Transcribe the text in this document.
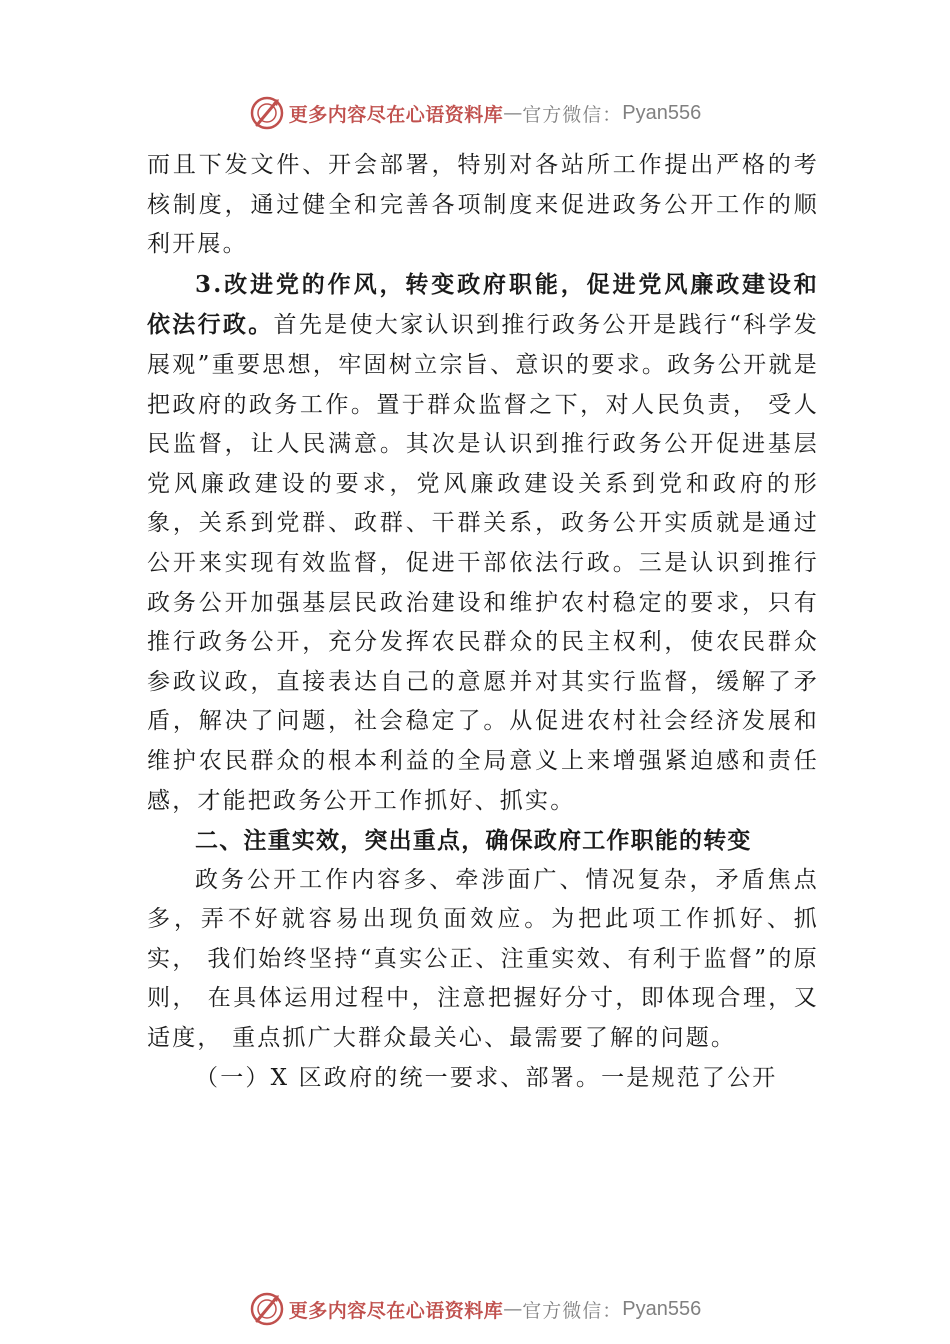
更多内容尽在心语资料库 — 官方微信： Pyan556

而且下发文件、开会部署，特别对各站所工作提出严格的考核制度，通过健全和完善各项制度来促进政务公开工作的顺利开展。

3.改进党的作风，转变政府职能，促进党风廉政建设和依法行政。首先是使大家认识到推行政务公开是践行“科学发展观”重要思想，牢固树立宗旨、意识的要求。政务公开就是把政府的政务工作。置于群众监督之下，对人民负责， 受人民监督，让人民满意。其次是认识到推行政务公开促进基层党风廉政建设的要求，党风廉政建设关系到党和政府的形象，关系到党群、政群、干群关系，政务公开实质就是通过公开来实现有效监督，促进干部依法行政。三是认识到推行政务公开加强基层民政治建设和维护农村稳定的要求，只有推行政务公开，充分发挥农民群众的民主权利，使农民群众参政议政，直接表达自己的意愿并对其实行监督，缓解了矛盾，解决了问题，社会稳定了。从促进农村社会经济发展和维护农民群众的根本利益的全局意义上来增强紧迫感和责任感，才能把政务公开工作抓好、抓实。

二、注重实效，突出重点，确保政府工作职能的转变

政务公开工作内容多、牵涉面广、情况复杂，矛盾焦点多，弄不好就容易出现负面效应。为把此项工作抓好、抓实， 我们始终坚持“真实公正、注重实效、有利于监督”的原则， 在具体运用过程中，注意把握好分寸，即体现合理，又适度， 重点抓广大群众最关心、最需要了解的问题。

（一）X 区政府的统一要求、部署。一是规范了公开

更多内容尽在心语资料库 — 官方微信： Pyan556
